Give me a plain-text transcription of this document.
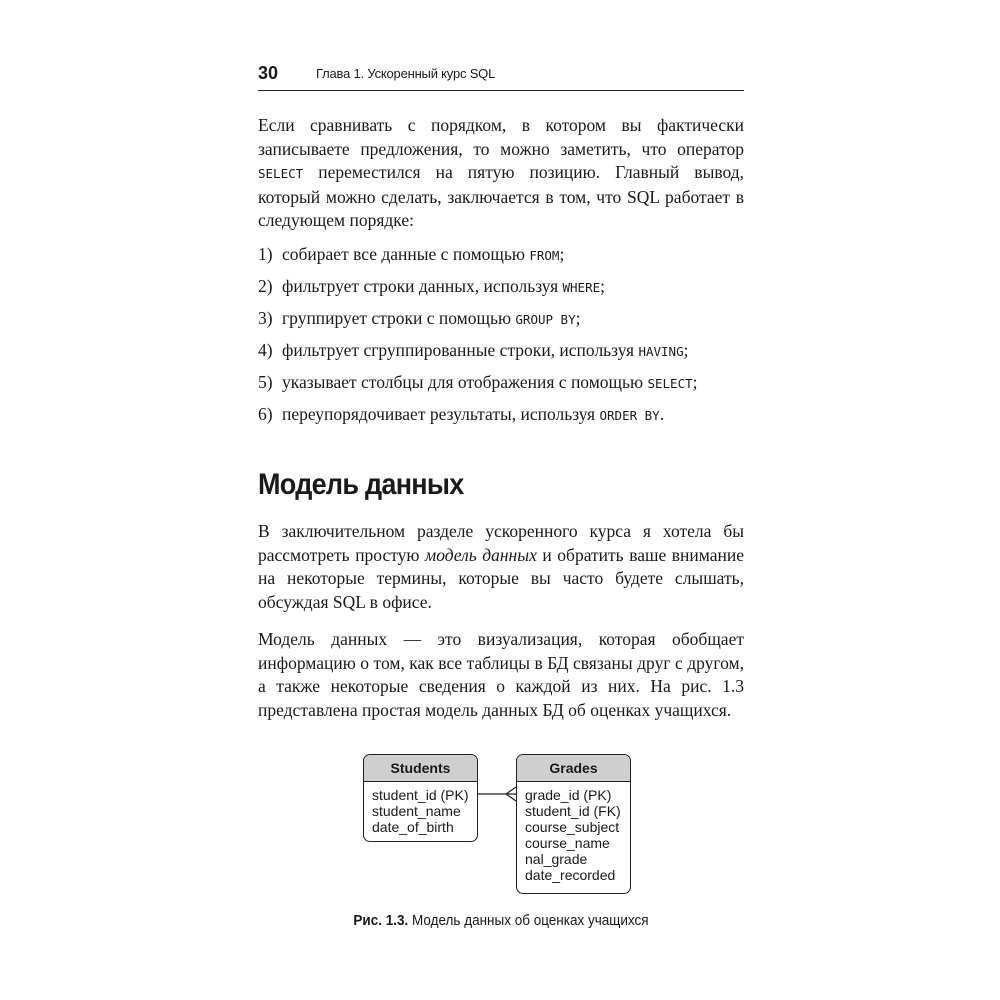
30	Глава 1. Ускоренный курс SQL

Если сравнивать с порядком, в котором вы фактически записываете предложения, то можно заметить, что оператор SELECT переместился на пятую позицию. Главный вывод, который можно сделать, заключается в том, что SQL работает в следующем порядке:

1) собирает все данные с помощью FROM;
2) фильтрует строки данных, используя WHERE;
3) группирует строки с помощью GROUP BY;
4) фильтрует сгруппированные строки, используя HAVING;
5) указывает столбцы для отображения с помощью SELECT;
6) переупорядочивает результаты, используя ORDER BY.
Модель данных

В заключительном разделе ускоренного курса я хотела бы рассмотреть простую модель данных и обратить ваше внимание на некоторые термины, которые вы часто будете слышать, обсуждая SQL в офисе.

Модель данных — это визуализация, которая обобщает информацию о том, как все таблицы в БД связаны друг с другом, а также некоторые сведения о каждой из них. На рис. 1.3 представлена простая модель данных БД об оценках учащихся.

Students
student_id (PK)
student_name
date_of_birth
Grades
grade_id (PK)
student_id (FK)
course_subject
course_name
nal_grade
date_recorded
Рис. 1.3. Модель данных об оценках учащихся
